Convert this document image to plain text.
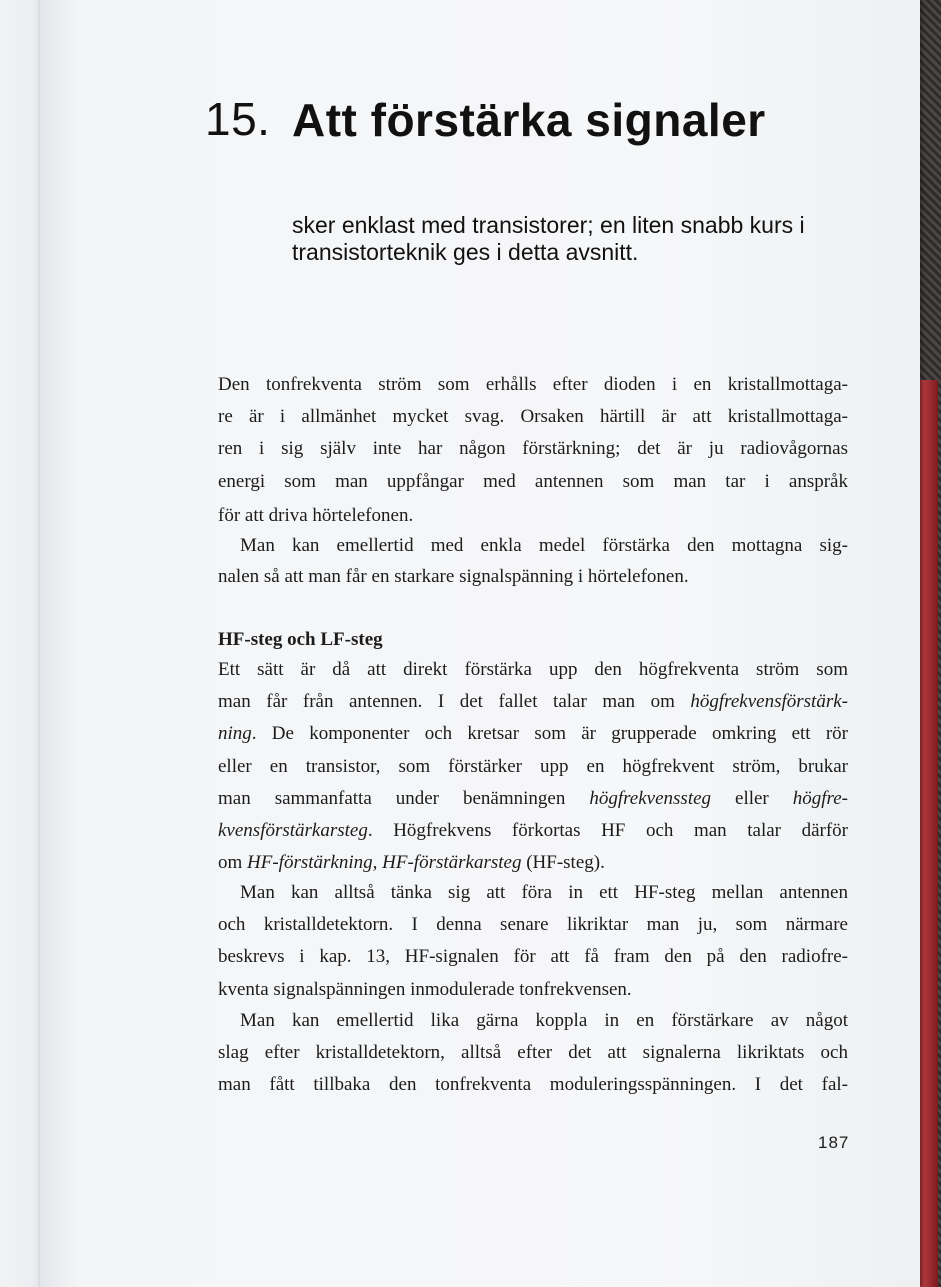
15. Att förstärka signaler
sker enklast med transistorer; en liten snabb kurs i transistorteknik ges i detta avsnitt.
Den tonfrekventa ström som erhålls efter dioden i en kristallmottaga-
re är i allmänhet mycket svag. Orsaken härtill är att kristallmottaga-
ren i sig själv inte har någon förstärkning; det är ju radiovågornas
energi som man uppfångar med antennen som man tar i anspråk
för att driva hörtelefonen.
Man kan emellertid med enkla medel förstärka den mottagna sig-
nalen så att man får en starkare signalspänning i hörtelefonen.
HF-steg och LF-steg
Ett sätt är då att direkt förstärka upp den högfrekventa ström som
man får från antennen. I det fallet talar man om högfrekvensförstärk-
ning. De komponenter och kretsar som är grupperade omkring ett rör
eller en transistor, som förstärker upp en högfrekvent ström, brukar
man sammanfatta under benämningen högfrekvenssteg eller högfre-
kvensförstärkarsteg. Högfrekvens förkortas HF och man talar därför
om HF-förstärkning, HF-förstärkarsteg (HF-steg).
Man kan alltså tänka sig att föra in ett HF-steg mellan antennen
och kristalldetektorn. I denna senare likriktar man ju, som närmare
beskrevs i kap. 13, HF-signalen för att få fram den på den radiofre-
kventa signalspänningen inmodulerade tonfrekvensen.
Man kan emellertid lika gärna koppla in en förstärkare av något
slag efter kristalldetektorn, alltså efter det att signalerna likriktats och
man fått tillbaka den tonfrekventa moduleringsspänningen. I det fal-
187
